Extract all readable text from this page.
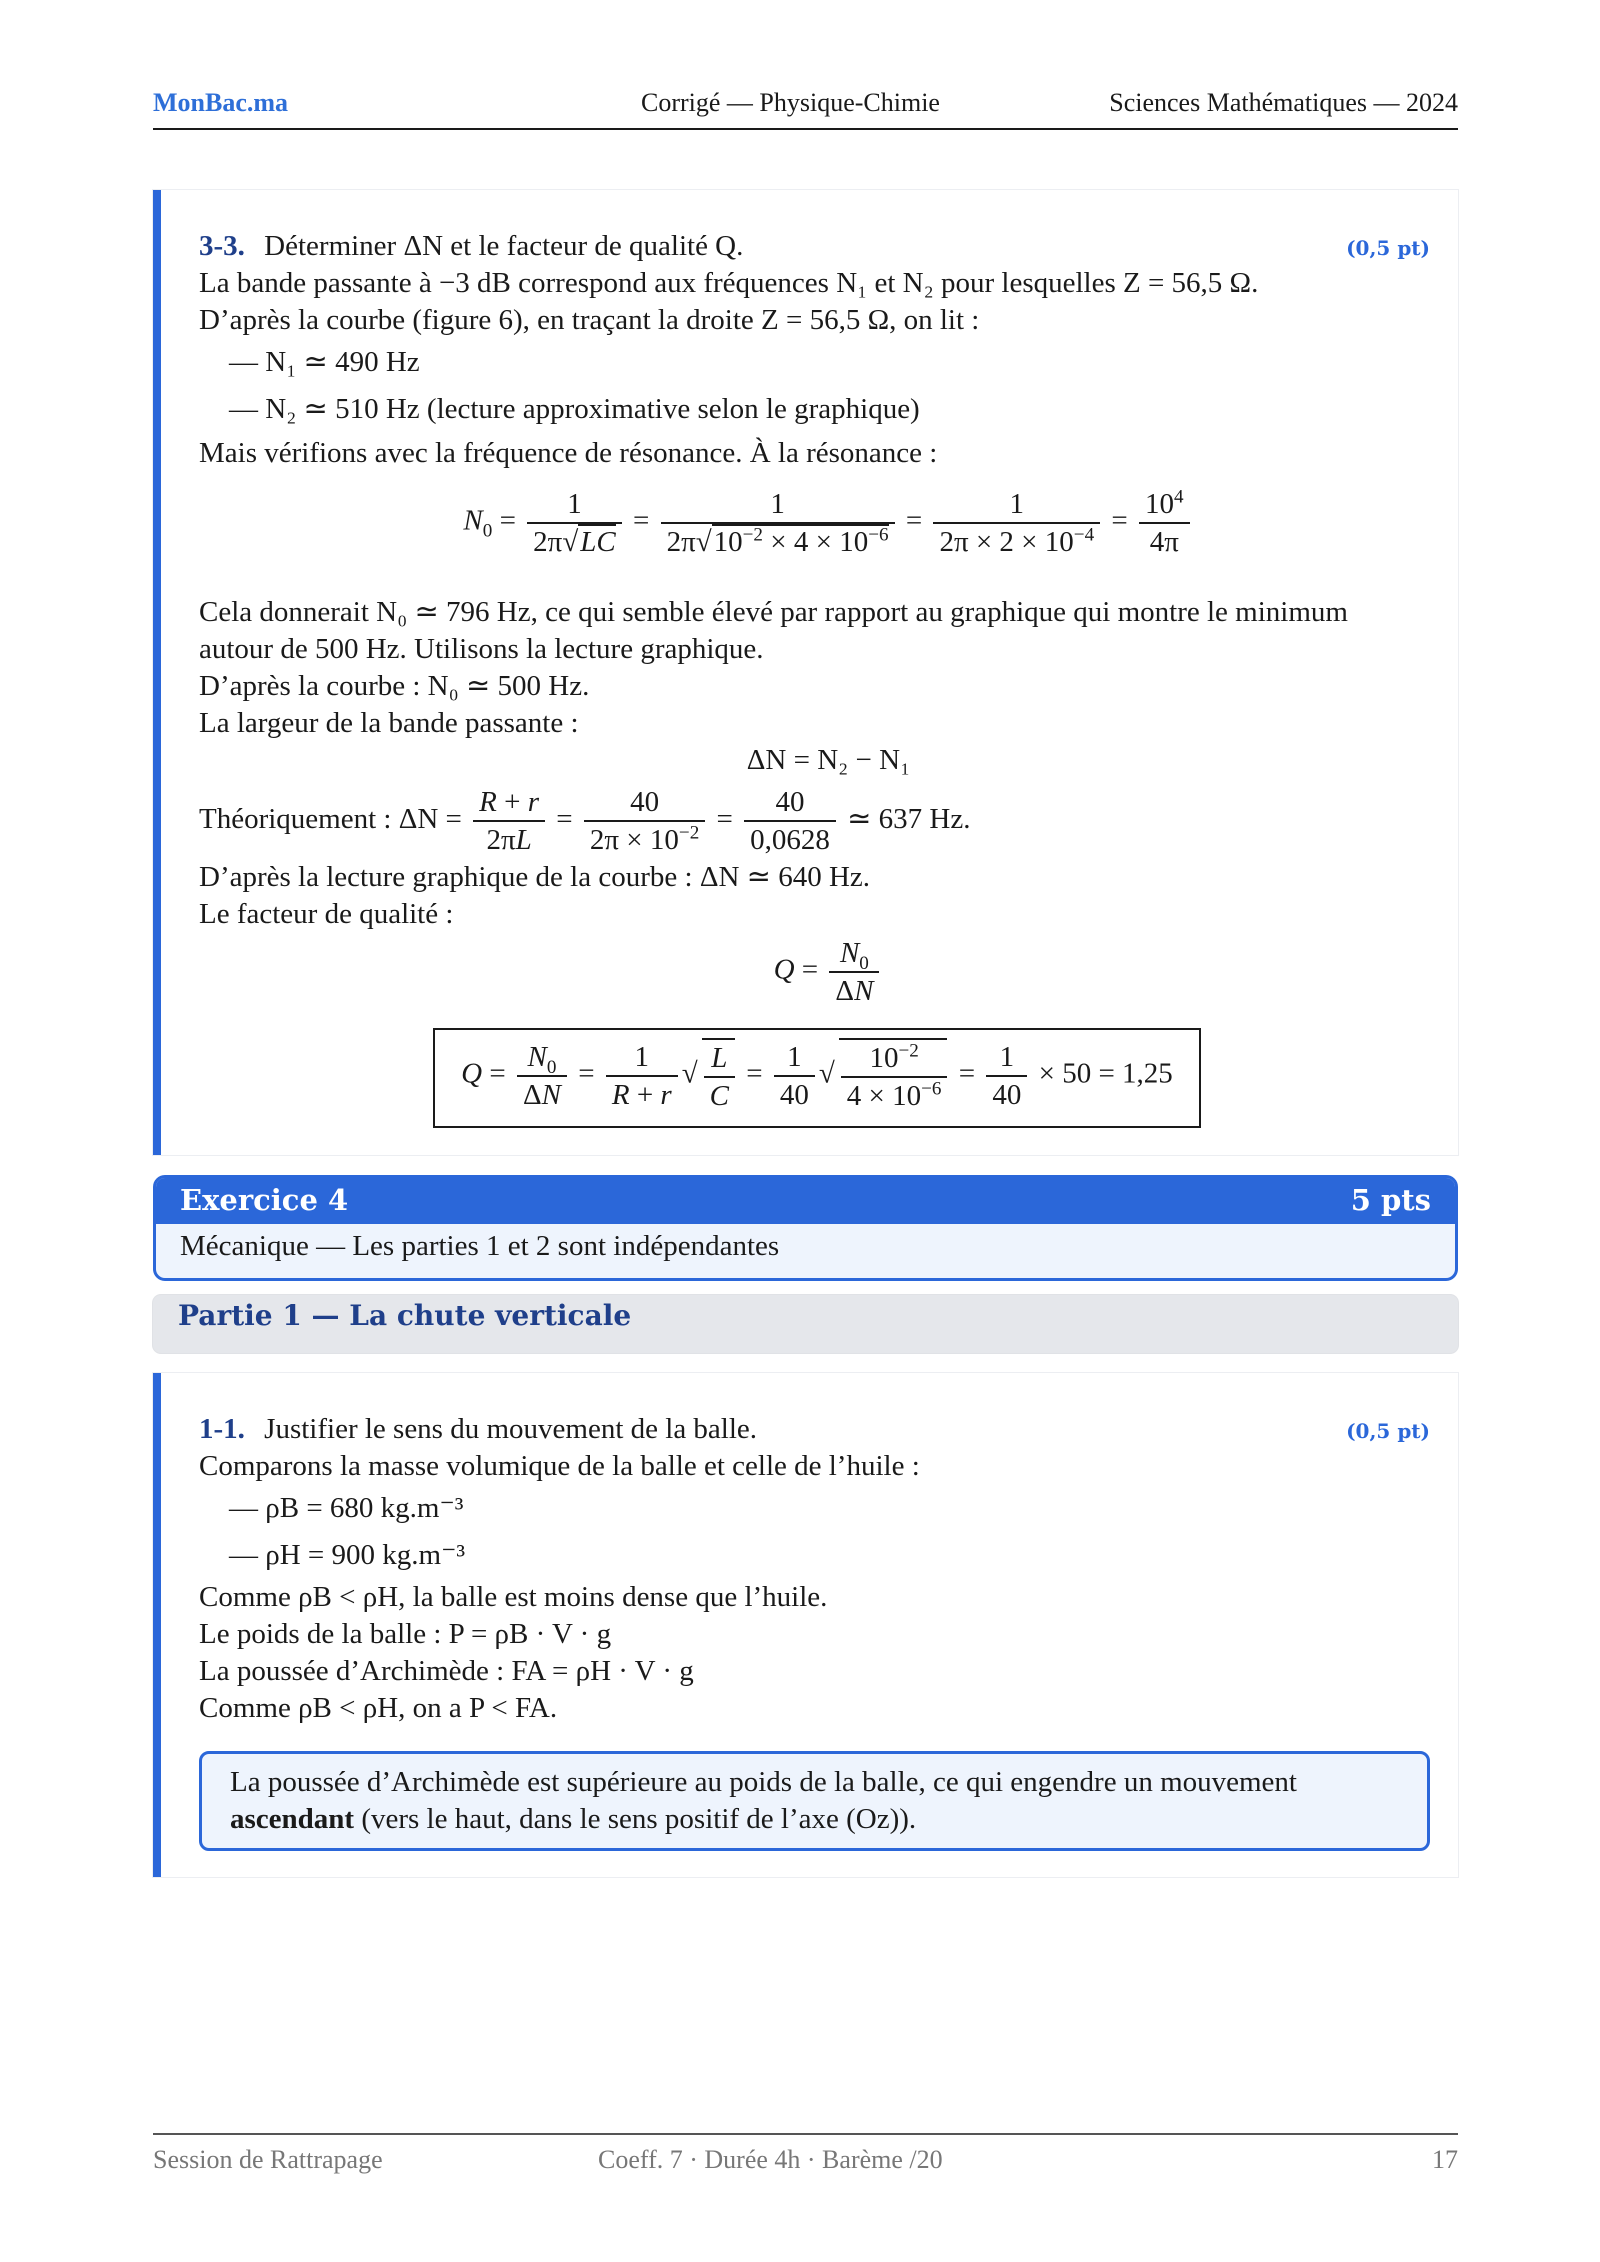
MonBac.ma	Corrigé — Physique-Chimie	Sciences Mathématiques — 2024
3-3. Déterminer ΔN et le facteur de qualité Q.	(0,5 pt)
La bande passante à −3 dB correspond aux fréquences N₁ et N₂ pour lesquelles Z = 56,5 Ω.
D’après la courbe (figure 6), en traçant la droite Z = 56,5 Ω, on lit :
— N₁ ≃ 490 Hz
— N₂ ≃ 510 Hz (lecture approximative selon le graphique)
Mais vérifions avec la fréquence de résonance. À la résonance :
$N_0 = \frac{1}{2\pi√LC} = \frac{1}{2\pi√10^{-2} \times 4 \times 10^{-6}} = \frac{1}{2\pi \times 2 \times 10^{-4}} = \frac{10^4}{4\pi}$
Cela donnerait N₀ ≃ 796 Hz, ce qui semble élevé par rapport au graphique qui montre le minimum
autour de 500 Hz. Utilisons la lecture graphique.
D’après la courbe : N₀ ≃ 500 Hz.
La largeur de la bande passante :
ΔN = N₂ − N₁
Théoriquement : $\Delta N = \frac{R + r}{2\pi L} = \frac{40}{2\pi \times 10^{-2}} = \frac{40}{0,0628}$ ≃ 637 Hz.
D’après la lecture graphique de la courbe : ΔN ≃ 640 Hz.
Le facteur de qualité :
$Q = \frac{N_0}{\Delta N}$
$Q = \frac{N_0}{\Delta N} = \frac{1}{R + r}$ √ $\frac{L}{C} = \frac{1}{40}$ √ $\frac{10^{-2}}{4 \times 10^{-6}} = \frac{1}{40} \times 50 = 1,25$
Exercice 4	5 pts
Mécanique — Les parties 1 et 2 sont indépendantes
Partie 1 — La chute verticale
1-1. Justifier le sens du mouvement de la balle.	(0,5 pt)
Comparons la masse volumique de la balle et celle de l’huile :
— ρB = 680 kg.m⁻³
— ρH = 900 kg.m⁻³
Comme ρB < ρH, la balle est moins dense que l’huile.
Le poids de la balle : P = ρB · V · g
La poussée d’Archimède : FA = ρH · V · g
Comme ρB < ρH, on a P < FA.
La poussée d’Archimède est supérieure au poids de la balle, ce qui engendre un mouvement
ascendant (vers le haut, dans le sens positif de l’axe (Oz)).
Session de Rattrapage	Coeff. 7 · Durée 4h · Barème /20	17
